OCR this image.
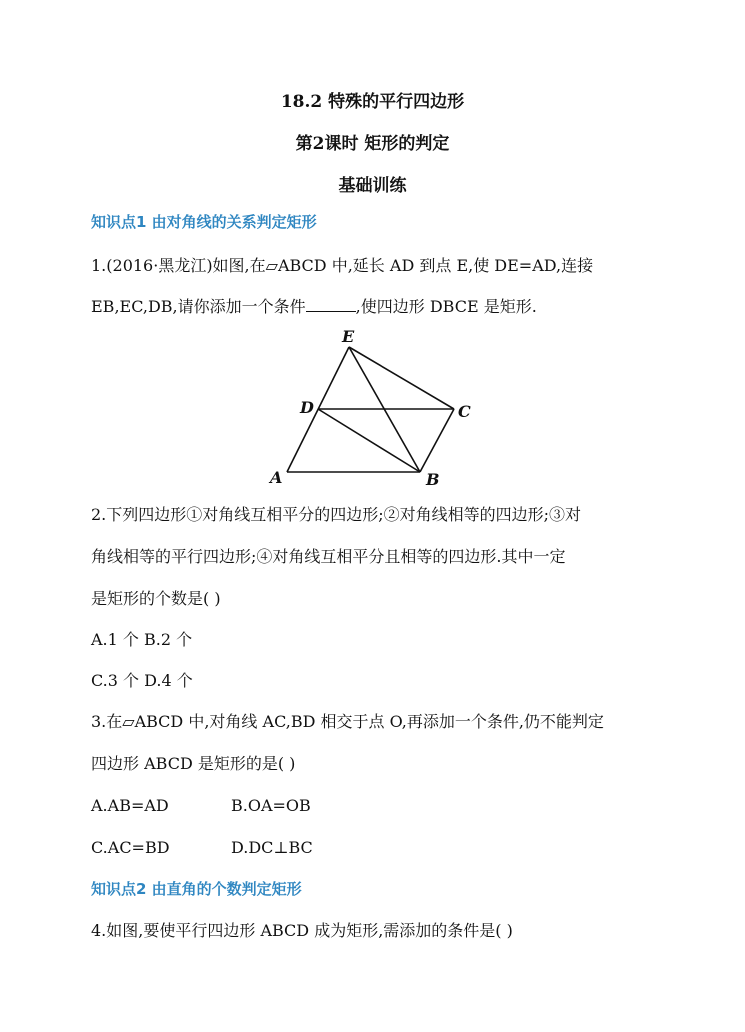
18.2 特殊的平行四边形
第2课时 矩形的判定
基础训练
知识点1 由对角线的关系判定矩形
1.(2016·黑龙江)如图,在▱ABCD 中,延长 AD 到点 E,使 DE=AD,连接
EB,EC,DB,请你添加一个条件	,使四边形 DBCE 是矩形.
E
D	C
A	B
2.下列四边形①对角线互相平分的四边形;②对角线相等的四边形;③对
角线相等的平行四边形;④对角线互相平分且相等的四边形.其中一定
是矩形的个数是( )
A.1 个 B.2 个
C.3 个 D.4 个
3.在▱ABCD 中,对角线 AC,BD 相交于点 O,再添加一个条件,仍不能判定
四边形 ABCD 是矩形的是( )
A.AB=AD	B.OA=OB
C.AC=BD	D.DC⊥BC
知识点2 由直角的个数判定矩形
4.如图,要使平行四边形 ABCD 成为矩形,需添加的条件是( )
